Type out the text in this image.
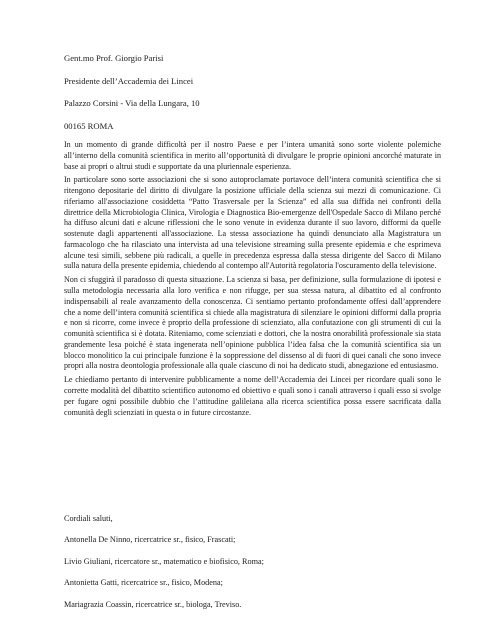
Gent.mo Prof. Giorgio Parisi

Presidente dell’Accademia dei Lincei

Palazzo Corsini - Via della Lungara, 10

00165 ROMA

In un momento di grande difficoltà per il nostro Paese e per l’intera umanità sono sorte violente polemiche all’interno della comunità scientifica in merito all’opportunità di divulgare le proprie opinioni ancorché maturate in base ai propri o altrui studi e supportate da una pluriennale esperienza.

In particolare sono sorte associazioni che si sono autoproclamate portavoce dell’intera comunità scientifica che si ritengono depositarie del diritto di divulgare la posizione ufficiale della scienza sui mezzi di comunicazione. Ci riferiamo all'associazione cosiddetta “Patto Trasversale per la Scienza” ed alla sua diffida nei confronti della direttrice della Microbiologia Clinica, Virologia e Diagnostica Bio-emergenze dell'Ospedale Sacco di Milano perché ha diffuso alcuni dati e alcune riflessioni che le sono venute in evidenza durante il suo lavoro, difformi da quelle sostenute dagli appartenenti all'associazione. La stessa associazione ha quindi denunciato alla Magistratura un farmacologo che ha rilasciato una intervista ad una televisione streaming sulla presente epidemia e che esprimeva alcune tesi simili, sebbene più radicali, a quelle in precedenza espressa dalla stessa dirigente del Sacco di Milano sulla natura della presente epidemia, chiedendo al contempo all'Autorità regolatoria l'oscuramento della televisione.

Non ci sfuggirà il paradosso di questa situazione. La scienza si basa, per definizione, sulla formulazione di ipotesi e sulla metodologia necessaria alla loro verifica e non rifugge, per sua stessa natura, al dibattito ed al confronto indispensabili al reale avanzamento della conoscenza. Ci sentiamo pertanto profondamente offesi dall’apprendere che a nome dell’intera comunità scientifica si chiede alla magistratura di silenziare le opinioni difformi dalla propria e non si ricorre, come invece è proprio della professione di scienziato, alla confutazione con gli strumenti di cui la comunità scientifica si è dotata. Riteniamo, come scienziati e dottori, che la nostra onorabilità professionale sia stata grandemente lesa poiché è stata ingenerata nell’opinione pubblica l’idea falsa che la comunità scientifica sia un blocco monolitico la cui principale funzione è la soppressione del dissenso al di fuori di quei canali che sono invece propri alla nostra deontologia professionale alla quale ciascuno di noi ha dedicato studi, abnegazione ed entusiasmo.

Le chiediamo pertanto di intervenire pubblicamente a nome dell’Accademia dei Lincei per ricordare quali sono le corrette modalità del dibattito scientifico autonomo ed obiettivo e quali sono i canali attraverso i quali esso si svolge per fugare ogni possibile dubbio che l’attitudine galileiana alla ricerca scientifica possa essere sacrificata dalla comunità degli scienziati in questa o in future circostanze.

Cordiali saluti,

Antonella De Ninno, ricercatrice sr., fisico, Frascati;

Livio Giuliani, ricercatore sr., matematico e biofisico, Roma;

Antonietta Gatti, ricercatrice sr., fisico, Modena;

Mariagrazia Coassin, ricercatrice sr., biologa, Treviso.
